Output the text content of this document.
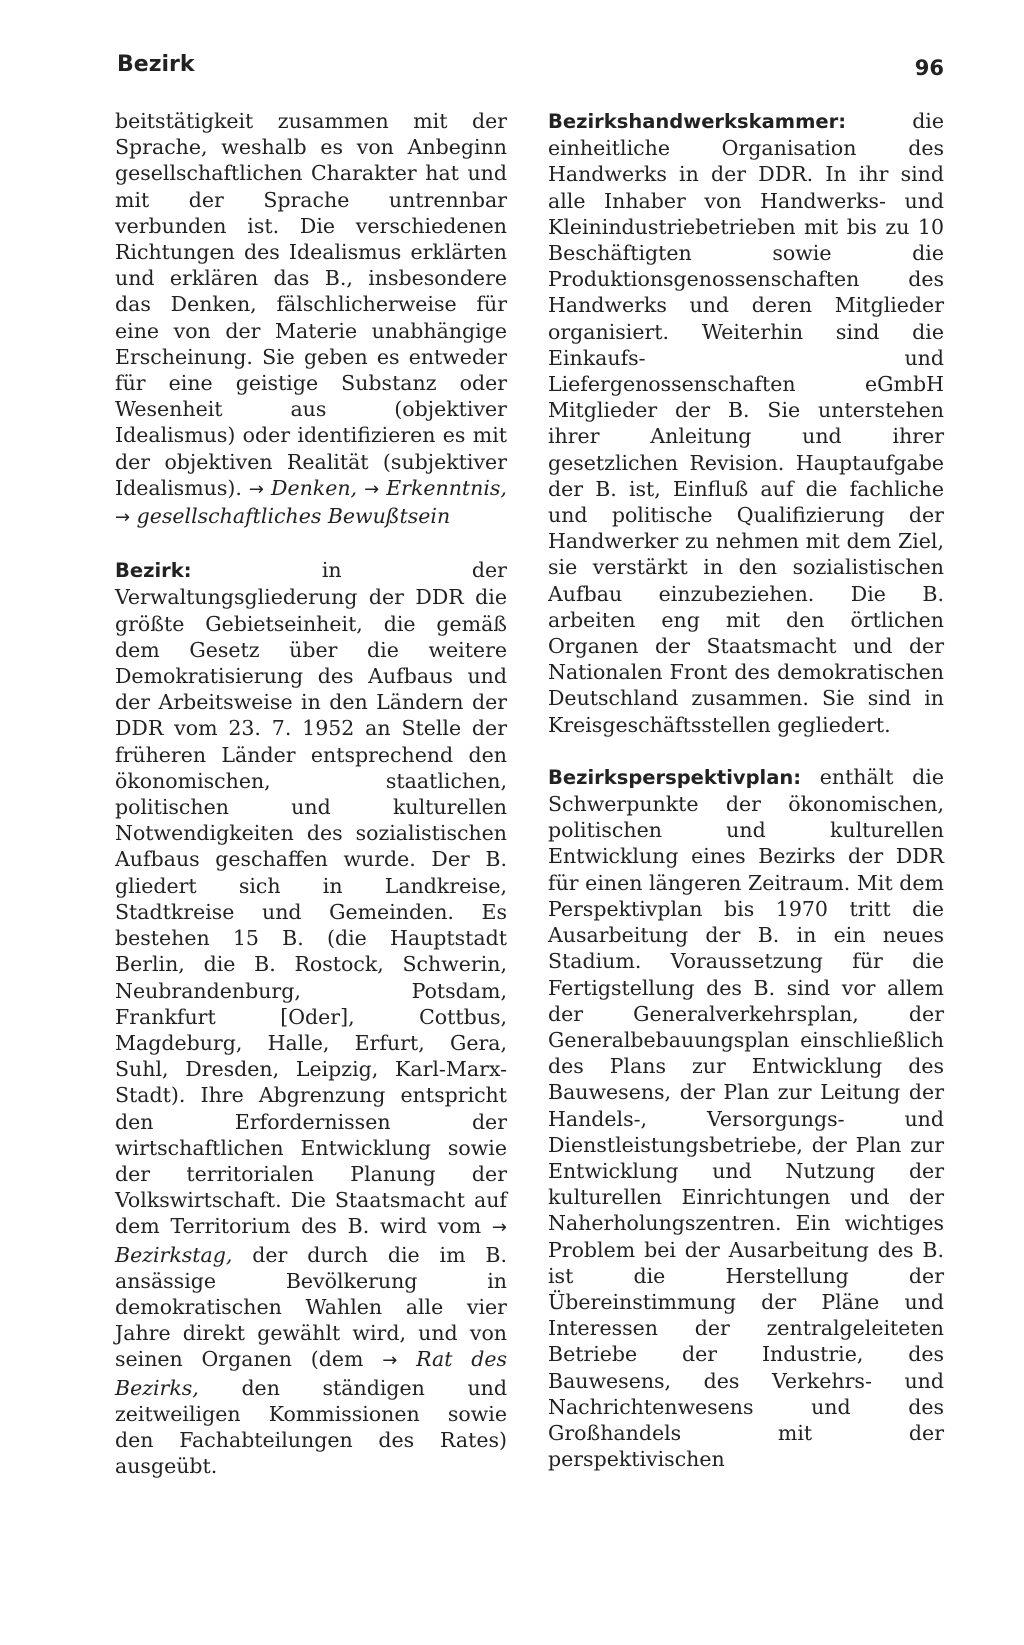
Bezirk	96

beitstätigkeit zusammen mit der Sprache, weshalb es von Anbeginn gesellschaftlichen Charakter hat und mit der Sprache untrennbar verbunden ist. Die verschiedenen Richtungen des Idealismus erklärten und erklären das B., insbesondere das Denken, fälschlicherweise für eine von der Materie unabhängige Erscheinung. Sie geben es entweder für eine geistige Substanz oder Wesenheit aus (objektiver Idealismus) oder identifizieren es mit der objektiven Realität (subjektiver Idealismus). → Denken, → Erkenntnis, → gesellschaftliches Bewußtsein

Bezirk:	in der Verwaltungsgliederung der DDR die größte Gebietseinheit, die gemäß dem Gesetz über die weitere Demokratisierung des Aufbaus und der Arbeitsweise in den Ländern der DDR vom 23. 7. 1952 an Stelle der früheren Länder entsprechend den ökonomischen, staatlichen, politischen und kulturellen Notwendigkeiten des sozialistischen Aufbaus geschaffen wurde. Der B. gliedert sich in Landkreise, Stadtkreise und Gemeinden. Es bestehen 15 B. (die Hauptstadt Berlin, die B. Rostock, Schwerin, Neubrandenburg, Potsdam, Frankfurt [Oder], Cottbus, Magdeburg, Halle, Erfurt, Gera, Suhl, Dresden, Leipzig, Karl-Marx-Stadt). Ihre Abgrenzung entspricht den Erfordernissen der wirtschaftlichen Entwicklung sowie der territorialen Planung der Volkswirtschaft. Die Staatsmacht auf dem Territorium des B. wird vom → Bezirkstag, der durch die im B. ansässige Bevölkerung in demokratischen Wahlen alle vier Jahre direkt gewählt wird, und von seinen Organen (dem → Rat des Bezirks, den ständigen und zeitweiligen Kommissionen sowie den Fachabteilungen des Rates) ausgeübt.

Bezirkshandwerkskammer:	die einheitliche Organisation des Handwerks in der DDR. In ihr sind alle Inhaber von Handwerks- und Kleinindustriebetrieben mit bis zu 10 Beschäftigten sowie die Produktionsgenossenschaften des Handwerks und deren Mitglieder organisiert. Weiterhin sind die Einkaufs- und Liefergenossenschaften eGmbH Mitglieder der B. Sie unterstehen ihrer Anleitung und ihrer gesetzlichen Revision. Hauptaufgabe der B. ist, Einfluß auf die fachliche und politische Qualifizierung der Handwerker zu nehmen mit dem Ziel, sie verstärkt in den sozialistischen Aufbau einzubeziehen. Die B. arbeiten eng mit den örtlichen Organen der Staatsmacht und der Nationalen Front des demokratischen Deutschland zusammen. Sie sind in Kreisgeschäftsstellen gegliedert.

Bezirksperspektivplan: enthält die Schwerpunkte der ökonomischen, politischen und kulturellen Entwicklung eines Bezirks der DDR für einen längeren Zeitraum. Mit dem Perspektivplan bis 1970 tritt die Ausarbeitung der B. in ein neues Stadium. Voraussetzung für die Fertigstellung des B. sind vor allem der Generalverkehrsplan, der Generalbebauungsplan einschließlich des Plans zur Entwicklung des Bauwesens, der Plan zur Leitung der Handels-, Versorgungs- und Dienstleistungsbetriebe, der Plan zur Entwicklung und Nutzung der kulturellen Einrichtungen und der Naherholungszentren. Ein wichtiges Problem bei der Ausarbeitung des B. ist die Herstellung der Übereinstimmung der Pläne und Interessen der zentralgeleiteten Betriebe der Industrie, des Bauwesens, des Verkehrs- und Nachrichtenwesens und des Großhandels mit der perspektivischen
